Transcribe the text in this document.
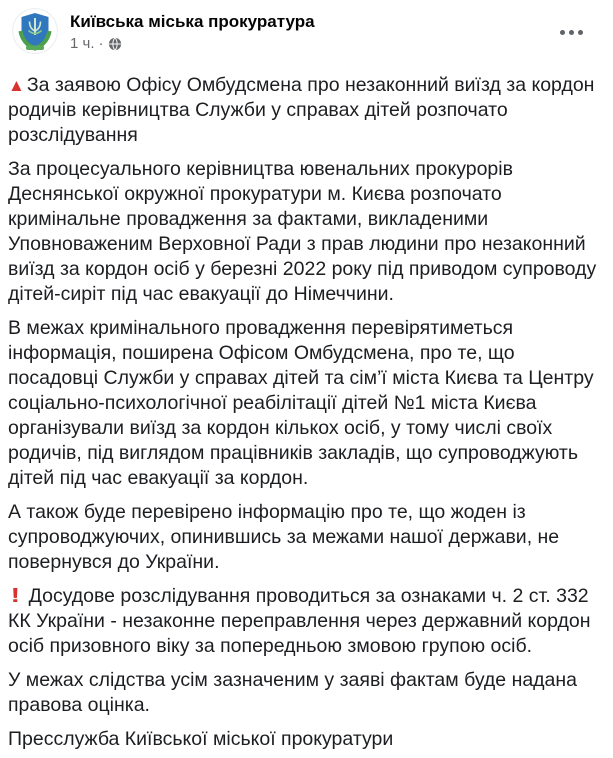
Київська міська прокуратура
1 ч. ·
▲ За заявою Офісу Омбудсмена про незаконний виїзд за кордон родичів керівництва Служби у справах дітей розпочато розслідування
За процесуального керівництва ювенальних прокурорів Деснянської окружної прокуратури м. Києва розпочато кримінальне провадження за фактами, викладеними Уповноваженим Верховної Ради з прав людини про незаконний виїзд за кордон осіб у березні 2022 року під приводом супроводу дітей-сиріт під час евакуації до Німеччини.
В межах кримінального провадження перевірятиметься інформація, поширена Офісом Омбудсмена, про те, що посадовці Служби у справах дітей та сім’ї міста Києва та Центру соціально-психологічної реабілітації дітей №1 міста Києва організували виїзд за кордон кількох осіб, у тому числі своїх родичів, під виглядом працівників закладів, що супроводжують дітей під час евакуації за кордон.
А також буде перевірено інформацію про те, що жоден із супроводжуючих, опинившись за межами нашої держави, не повернувся до України.
! Досудове розслідування проводиться за ознаками ч. 2 ст. 332 КК України - незаконне переправлення через державний кордон осіб призовного віку за попередньою змовою групою осіб.
У межах слідства усім зазначеним у заяві фактам буде надана правова оцінка.
Пресслужба Київської міської прокуратури
